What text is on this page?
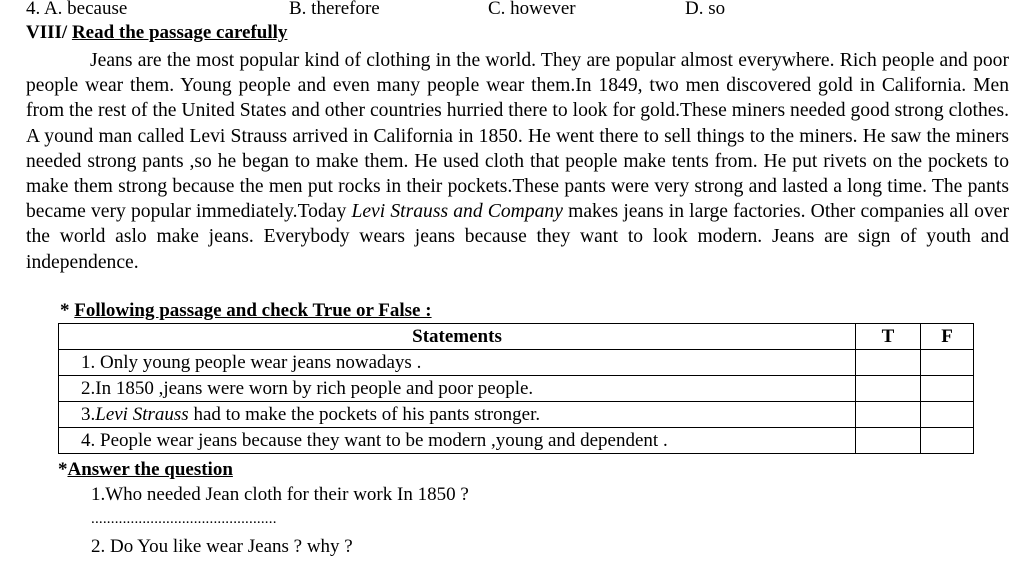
4. A. because	B. therefore	C. however	D. so
VIII/ Read the passage carefully

Jeans are the most popular kind of clothing in the world. They are popular almost everywhere. Rich people and poor people wear them. Young people and even many people wear them.In 1849, two men discovered gold in California. Men from the rest of the United States and other countries hurried there to look for gold.These miners needed good strong clothes. A yound man called Levi Strauss arrived in California in 1850. He went there to sell things to the miners. He saw the miners needed strong pants ,so he began to make them. He used cloth that people make tents from. He put rivets on the pockets to make them strong because the men put rocks in their pockets.These pants were very strong and lasted a long time. The pants became very popular immediately.Today Levi Strauss and Company makes jeans in large factories. Other companies all over the world aslo make jeans. Everybody wears jeans because they want to look modern. Jeans are sign of youth and independence.

* Following passage and check True or False :
Statements	T	F
1. Only young people wear jeans nowadays .		
2.In 1850 ,jeans were worn by rich people and poor people.		
3.Levi Strauss had to make the pockets of his pants stronger.		
4. People wear jeans because they want to be modern ,young and dependent .		
*Answer the question
1.Who needed Jean cloth for their work In 1850 ?
...............................................
2. Do You like wear Jeans ? why ?
